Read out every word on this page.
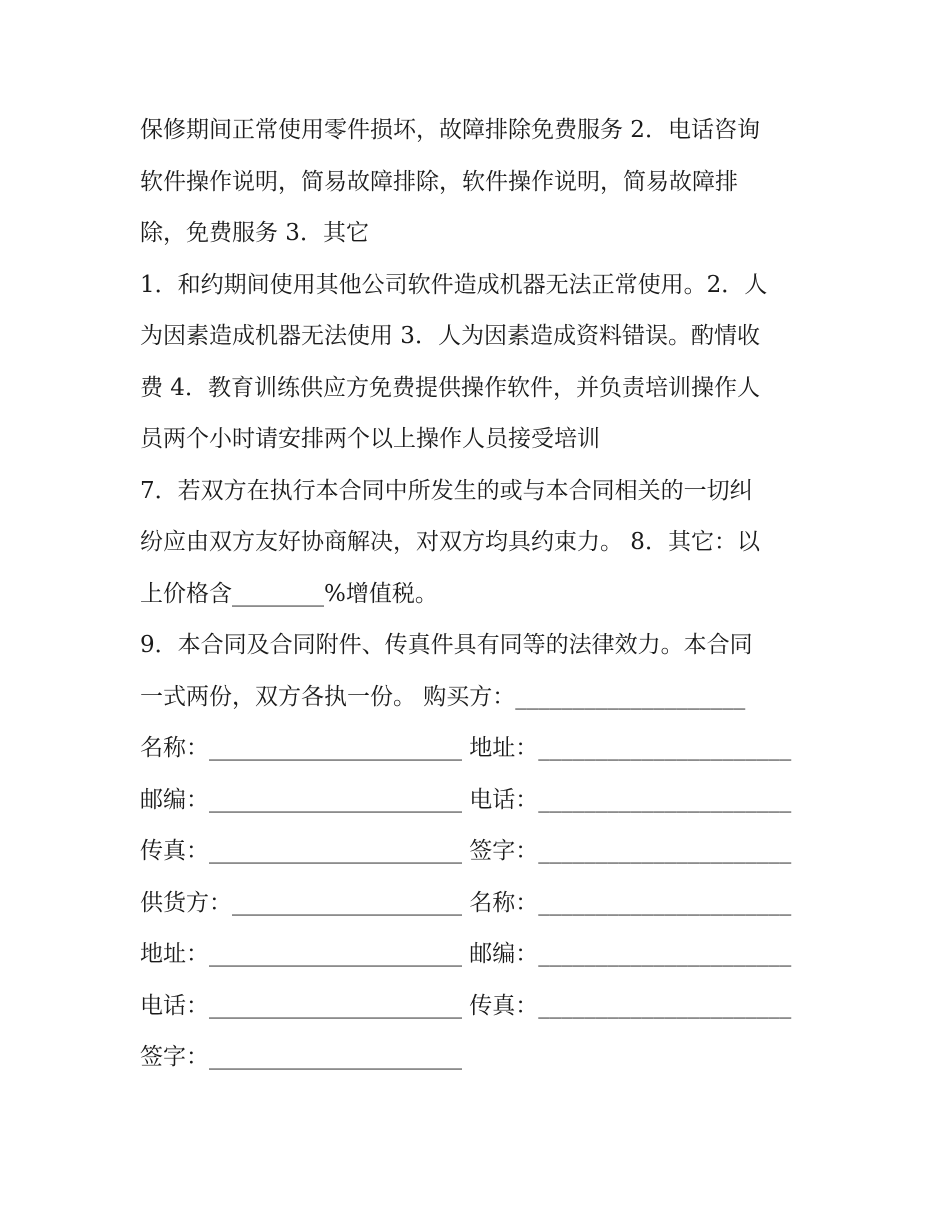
保修期间正常使用零件损坏，故障排除免费服务 2．电话咨询
软件操作说明，简易故障排除，软件操作说明，简易故障排
除，免费服务 3．其它
1．和约期间使用其他公司软件造成机器无法正常使用。2．人
为因素造成机器无法使用 3．人为因素造成资料错误。酌情收
费 4．教育训练供应方免费提供操作软件，并负责培训操作人
员两个小时请安排两个以上操作人员接受培训
7．若双方在执行本合同中所发生的或与本合同相关的一切纠
纷应由双方友好协商解决，对双方均具约束力。 8．其它：以
上价格含________%增值税。
9．本合同及合同附件、传真件具有同等的法律效力。本合同
一式两份，双方各执一份。 购买方：____________________
名称：______________________ 地址：______________________
邮编：______________________ 电话：______________________
传真：______________________ 签字：______________________
供货方：____________________ 名称：______________________
地址：______________________ 邮编：______________________
电话：______________________ 传真：______________________
签字：______________________
